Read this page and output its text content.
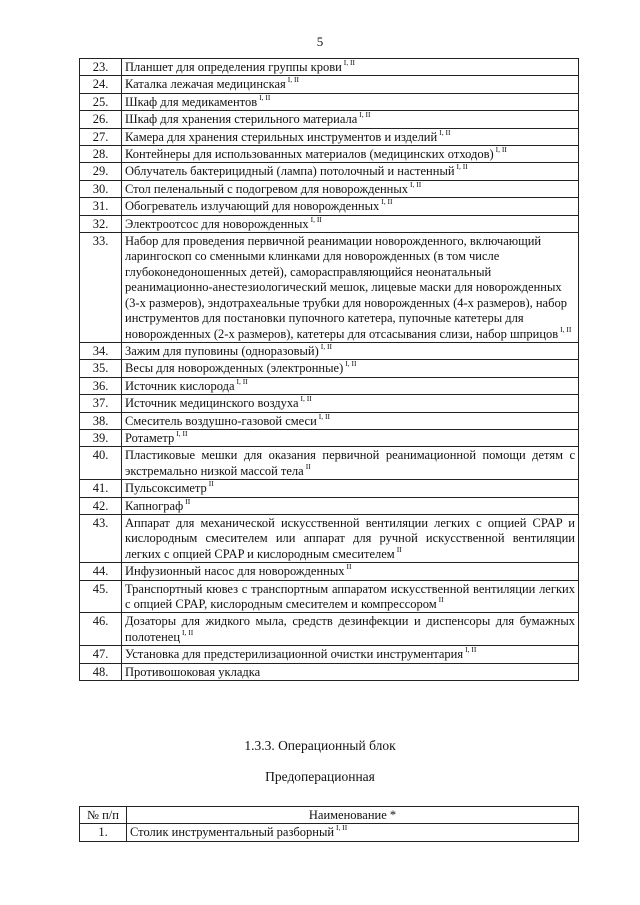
5
23.	Планшет для определения группы крови $^{I, II}$
24.	Каталка лежачая медицинская $^{I, II}$
25.	Шкаф для медикаментов $^{I, II}$
26.	Шкаф для хранения стерильного материала $^{I, II}$
27.	Камера для хранения стерильных инструментов и изделий $^{I, II}$
28.	Контейнеры для использованных материалов (медицинских отходов) $^{I, II}$
29.	Облучатель бактерицидный (лампа) потолочный и настенный $^{I, II}$
30.	Стол пеленальный с подогревом для новорожденных $^{I, II}$
31.	Обогреватель излучающий для новорожденных $^{I, II}$
32.	Электроотсос для новорожденных $^{I, II}$
33.	Набор для проведения первичной реанимации новорожденного, включающий ларингоскоп со сменными клинками для новорожденных (в том числе глубоконедоношенных детей), саморасправляющийся неонатальный реанимационно-анестезиологический мешок, лицевые маски для новорожденных (3-х размеров), эндотрахеальные трубки для новорожденных (4-х размеров), набор инструментов для постановки пупочного катетера, пупочные катетеры для новорожденных (2-х размеров), катетеры для отсасывания слизи, набор шприцов $^{I, II}$
34.	Зажим для пуповины (одноразовый) $^{I, II}$
35.	Весы для новорожденных (электронные) $^{I, II}$
36.	Источник кислорода $^{I, II}$
37.	Источник медицинского воздуха $^{I, II}$
38.	Смеситель воздушно-газовой смеси $^{I, II}$
39.	Ротаметр $^{I, II}$
40.	Пластиковые мешки для оказания первичной реанимационной помощи детям с экстремально низкой массой тела $^{II}$
41.	Пульсоксиметр $^{II}$
42.	Капнограф $^{II}$
43.	Аппарат для механической искусственной вентиляции легких с опцией CPAP и кислородным смесителем или аппарат для ручной искусственной вентиляции легких с опцией CPAP и кислородным смесителем $^{II}$
44.	Инфузионный насос для новорожденных $^{II}$
45.	Транспортный кювез с транспортным аппаратом искусственной вентиляции легких с опцией CPAP, кислородным смесителем и компрессором $^{II}$
46.	Дозаторы для жидкого мыла, средств дезинфекции и диспенсоры для бумажных полотенец $^{I, II}$
47.	Установка для предстерилизационной очистки инструментария $^{I, II}$
48.	Противошоковая укладка
1.3.3. Операционный блок
Предоперационная
№ п/п	Наименование *
1.	Столик инструментальный разборный $^{I, II}$
